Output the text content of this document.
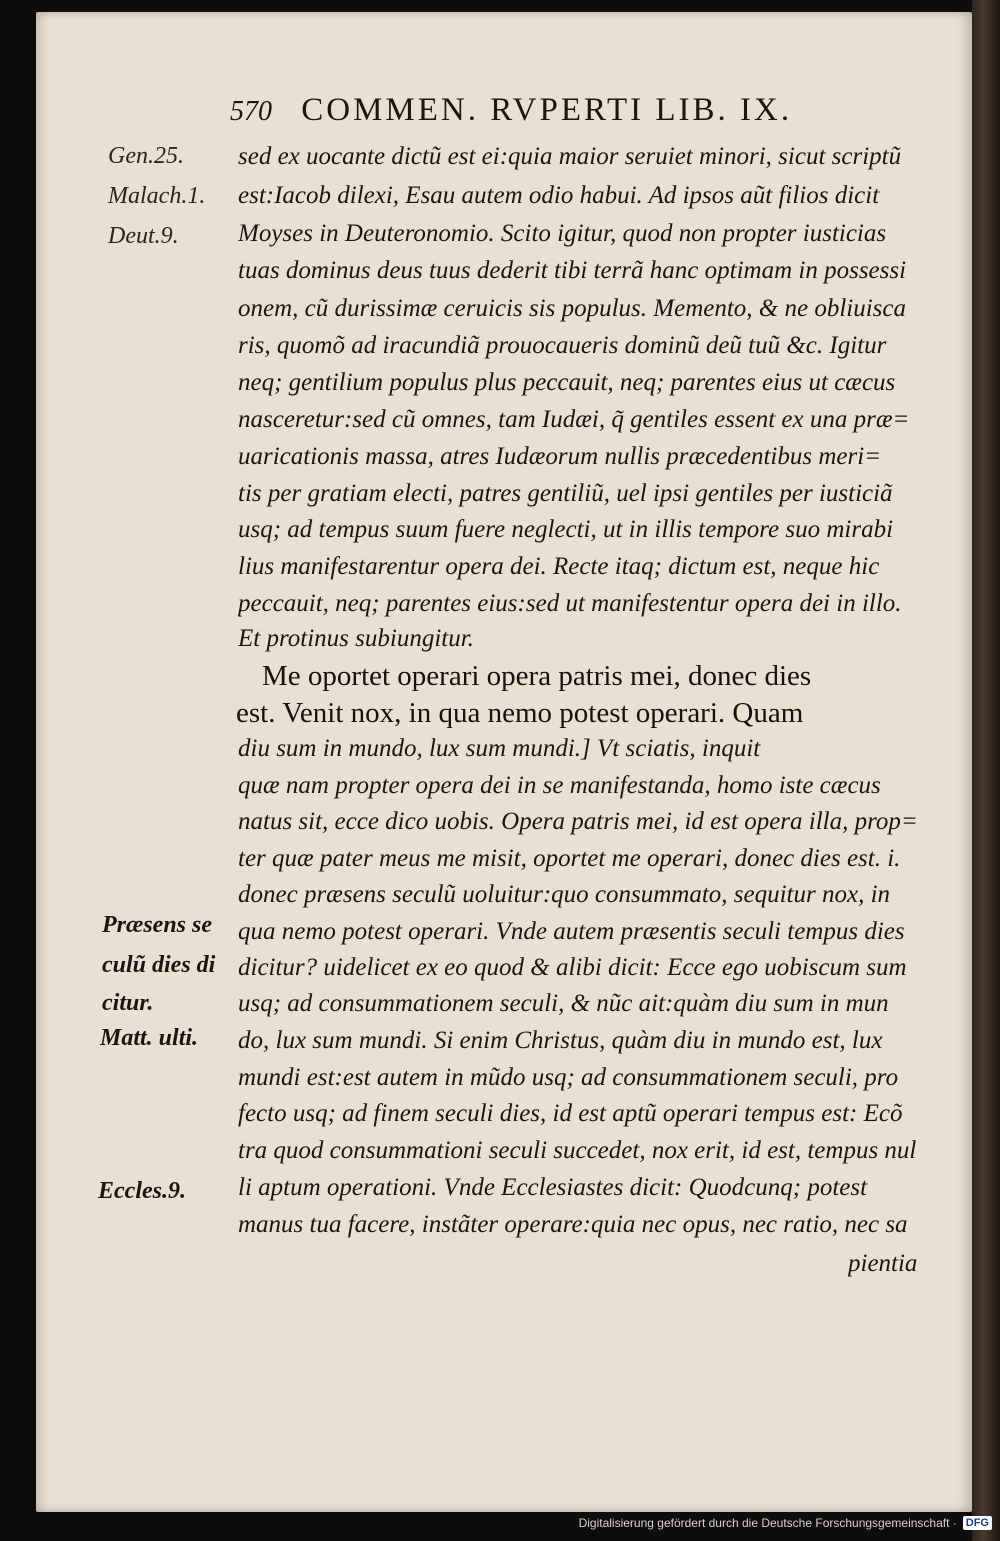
570 COMMEN. RVPERTI LIB. IX.
Gen.25.
Malach.1.
Deut.9.
Præsens se
culũ dies di
citur.
Matt. ulti.
Eccles.9.
sed ex uocante dictũ est ei:quia maior seruiet minori, sicut scriptũ
est:Iacob dilexi, Esau autem odio habui. Ad ipsos aũt filios dicit
Moyses in Deuteronomio. Scito igitur, quod non propter iusticias
tuas dominus deus tuus dederit tibi terrã hanc optimam in possessi
onem, cũ durissimæ ceruicis sis populus. Memento, & ne obliuisca
ris, quomõ ad iracundiã prouocaueris dominũ deũ tuũ &c. Igitur
neq; gentilium populus plus peccauit, neq; parentes eius ut cæcus
nasceretur:sed cũ omnes, tam Iudæi, q̃ gentiles essent ex una præ=
uaricationis massa, atres Iudæorum nullis præcedentibus meri=
tis per gratiam electi, patres gentiliũ, uel ipsi gentiles per iusticiã
usq; ad tempus suum fuere neglecti, ut in illis tempore suo mirabi
lius manifestarentur opera dei. Recte itaq; dictum est, neque hic
peccauit, neq; parentes eius:sed ut manifestentur opera dei in illo.
Et protinus subiungitur.
Me oportet operari opera patris mei, donec dies
est. Venit nox, in qua nemo potest operari. Quam
diu sum in mundo, lux sum mundi.] Vt sciatis, inquit
quæ nam propter opera dei in se manifestanda, homo iste cæcus
natus sit, ecce dico uobis. Opera patris mei, id est opera illa, prop=
ter quæ pater meus me misit, oportet me operari, donec dies est. i.
donec præsens seculũ uoluitur:quo consummato, sequitur nox, in
qua nemo potest operari. Vnde autem præsentis seculi tempus dies
dicitur? uidelicet ex eo quod & alibi dicit: Ecce ego uobiscum sum
usq; ad consummationem seculi, & nũc ait:quàm diu sum in mun
do, lux sum mundi. Si enim Christus, quàm diu in mundo est, lux
mundi est:est autem in mũdo usq; ad consummationem seculi, pro
fecto usq; ad finem seculi dies, id est aptũ operari tempus est: Ecõ
tra quod consummationi seculi succedet, nox erit, id est, tempus nul
li aptum operationi. Vnde Ecclesiastes dicit: Quodcunq; potest
manus tua facere, instãter operare:quia nec opus, nec ratio, nec sa
pientia
Digitalisierung gefördert durch die Deutsche Forschungsgemeinschaft · DFG
